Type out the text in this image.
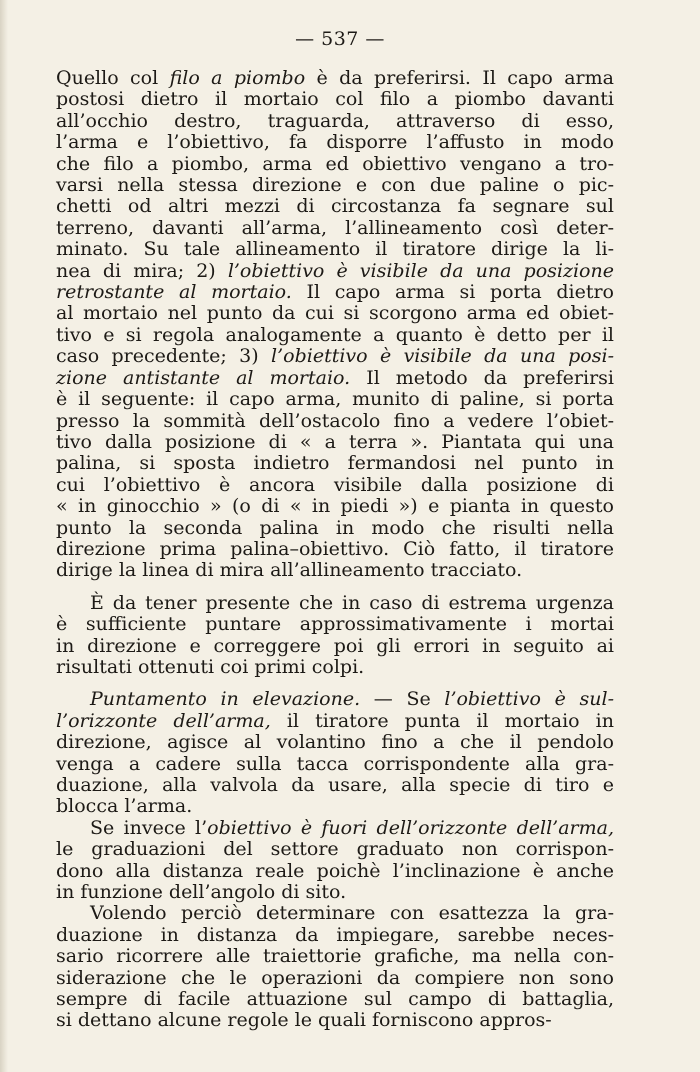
— 537 —

Quello col filo a piombo è da preferirsi. Il capo arma
postosi dietro il mortaio col filo a piombo davanti
all’occhio destro, traguarda, attraverso di esso,
l’arma e l’obiettivo, fa disporre l’affusto in modo
che filo a piombo, arma ed obiettivo vengano a tro-
varsi nella stessa direzione e con due paline o pic-
chetti od altri mezzi di circostanza fa segnare sul
terreno, davanti all’arma, l’allineamento così deter-
minato. Su tale allineamento il tiratore dirige la li-
nea di mira; 2) l’obiettivo è visibile da una posizione
retrostante al mortaio. Il capo arma si porta dietro
al mortaio nel punto da cui si scorgono arma ed obiet-
tivo e si regola analogamente a quanto è detto per il
caso precedente; 3) l’obiettivo è visibile da una posi-
zione antistante al mortaio. Il metodo da preferirsi
è il seguente: il capo arma, munito di paline, si porta
presso la sommità dell’ostacolo fino a vedere l’obiet-
tivo dalla posizione di « a terra ». Piantata qui una
palina, si sposta indietro fermandosi nel punto in
cui l’obiettivo è ancora visibile dalla posizione di
« in ginocchio » (o di « in piedi ») e pianta in questo
punto la seconda palina in modo che risulti nella
direzione prima palina–obiettivo. Ciò fatto, il tiratore
dirige la linea di mira all’allineamento tracciato.

È da tener presente che in caso di estrema urgenza
è sufficiente puntare approssimativamente i mortai
in direzione e correggere poi gli errori in seguito ai
risultati ottenuti coi primi colpi.

Puntamento in elevazione. — Se l’obiettivo è sul-
l’orizzonte dell’arma, il tiratore punta il mortaio in
direzione, agisce al volantino fino a che il pendolo
venga a cadere sulla tacca corrispondente alla gra-
duazione, alla valvola da usare, alla specie di tiro e
blocca l’arma.

Se invece l’obiettivo è fuori dell’orizzonte dell’arma,
le graduazioni del settore graduato non corrispon-
dono alla distanza reale poichè l’inclinazione è anche
in funzione dell’angolo di sito.

Volendo perciò determinare con esattezza la gra-
duazione in distanza da impiegare, sarebbe neces-
sario ricorrere alle traiettorie grafiche, ma nella con-
siderazione che le operazioni da compiere non sono
sempre di facile attuazione sul campo di battaglia,
si dettano alcune regole le quali forniscono appros-
